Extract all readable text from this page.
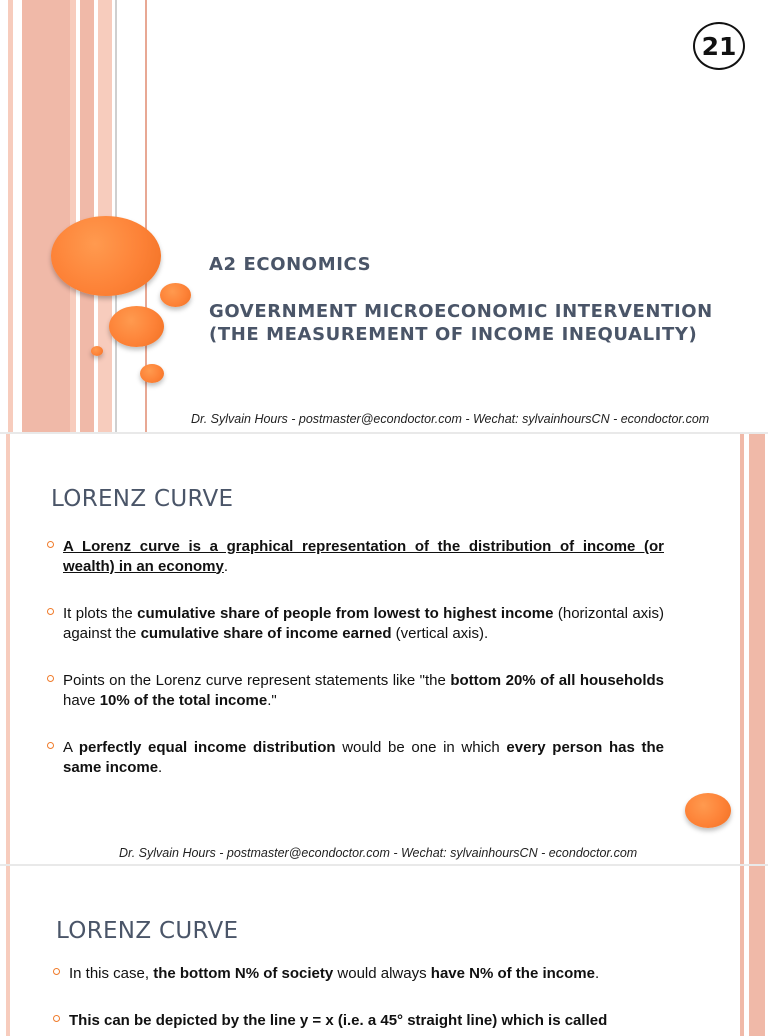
21
A2 ECONOMICS
GOVERNMENT MICROECONOMIC INTERVENTION
(THE MEASUREMENT OF INCOME INEQUALITY)
Dr. Sylvain Hours - postmaster@econdoctor.com - Wechat: sylvainhoursCN - econdoctor.com
LORENZ CURVE
A Lorenz curve is a graphical representation of the distribution of income (or wealth) in an economy.
It plots the cumulative share of people from lowest to highest income (horizontal axis) against the cumulative share of income earned (vertical axis).
Points on the Lorenz curve represent statements like "the bottom 20% of all households have 10% of the total income."
A perfectly equal income distribution would be one in which every person has the same income.
Dr. Sylvain Hours - postmaster@econdoctor.com - Wechat: sylvainhoursCN - econdoctor.com
LORENZ CURVE
In this case, the bottom N% of society would always have N% of the income.
This can be depicted by the line y = x (i.e. a 45° straight line) which is called
